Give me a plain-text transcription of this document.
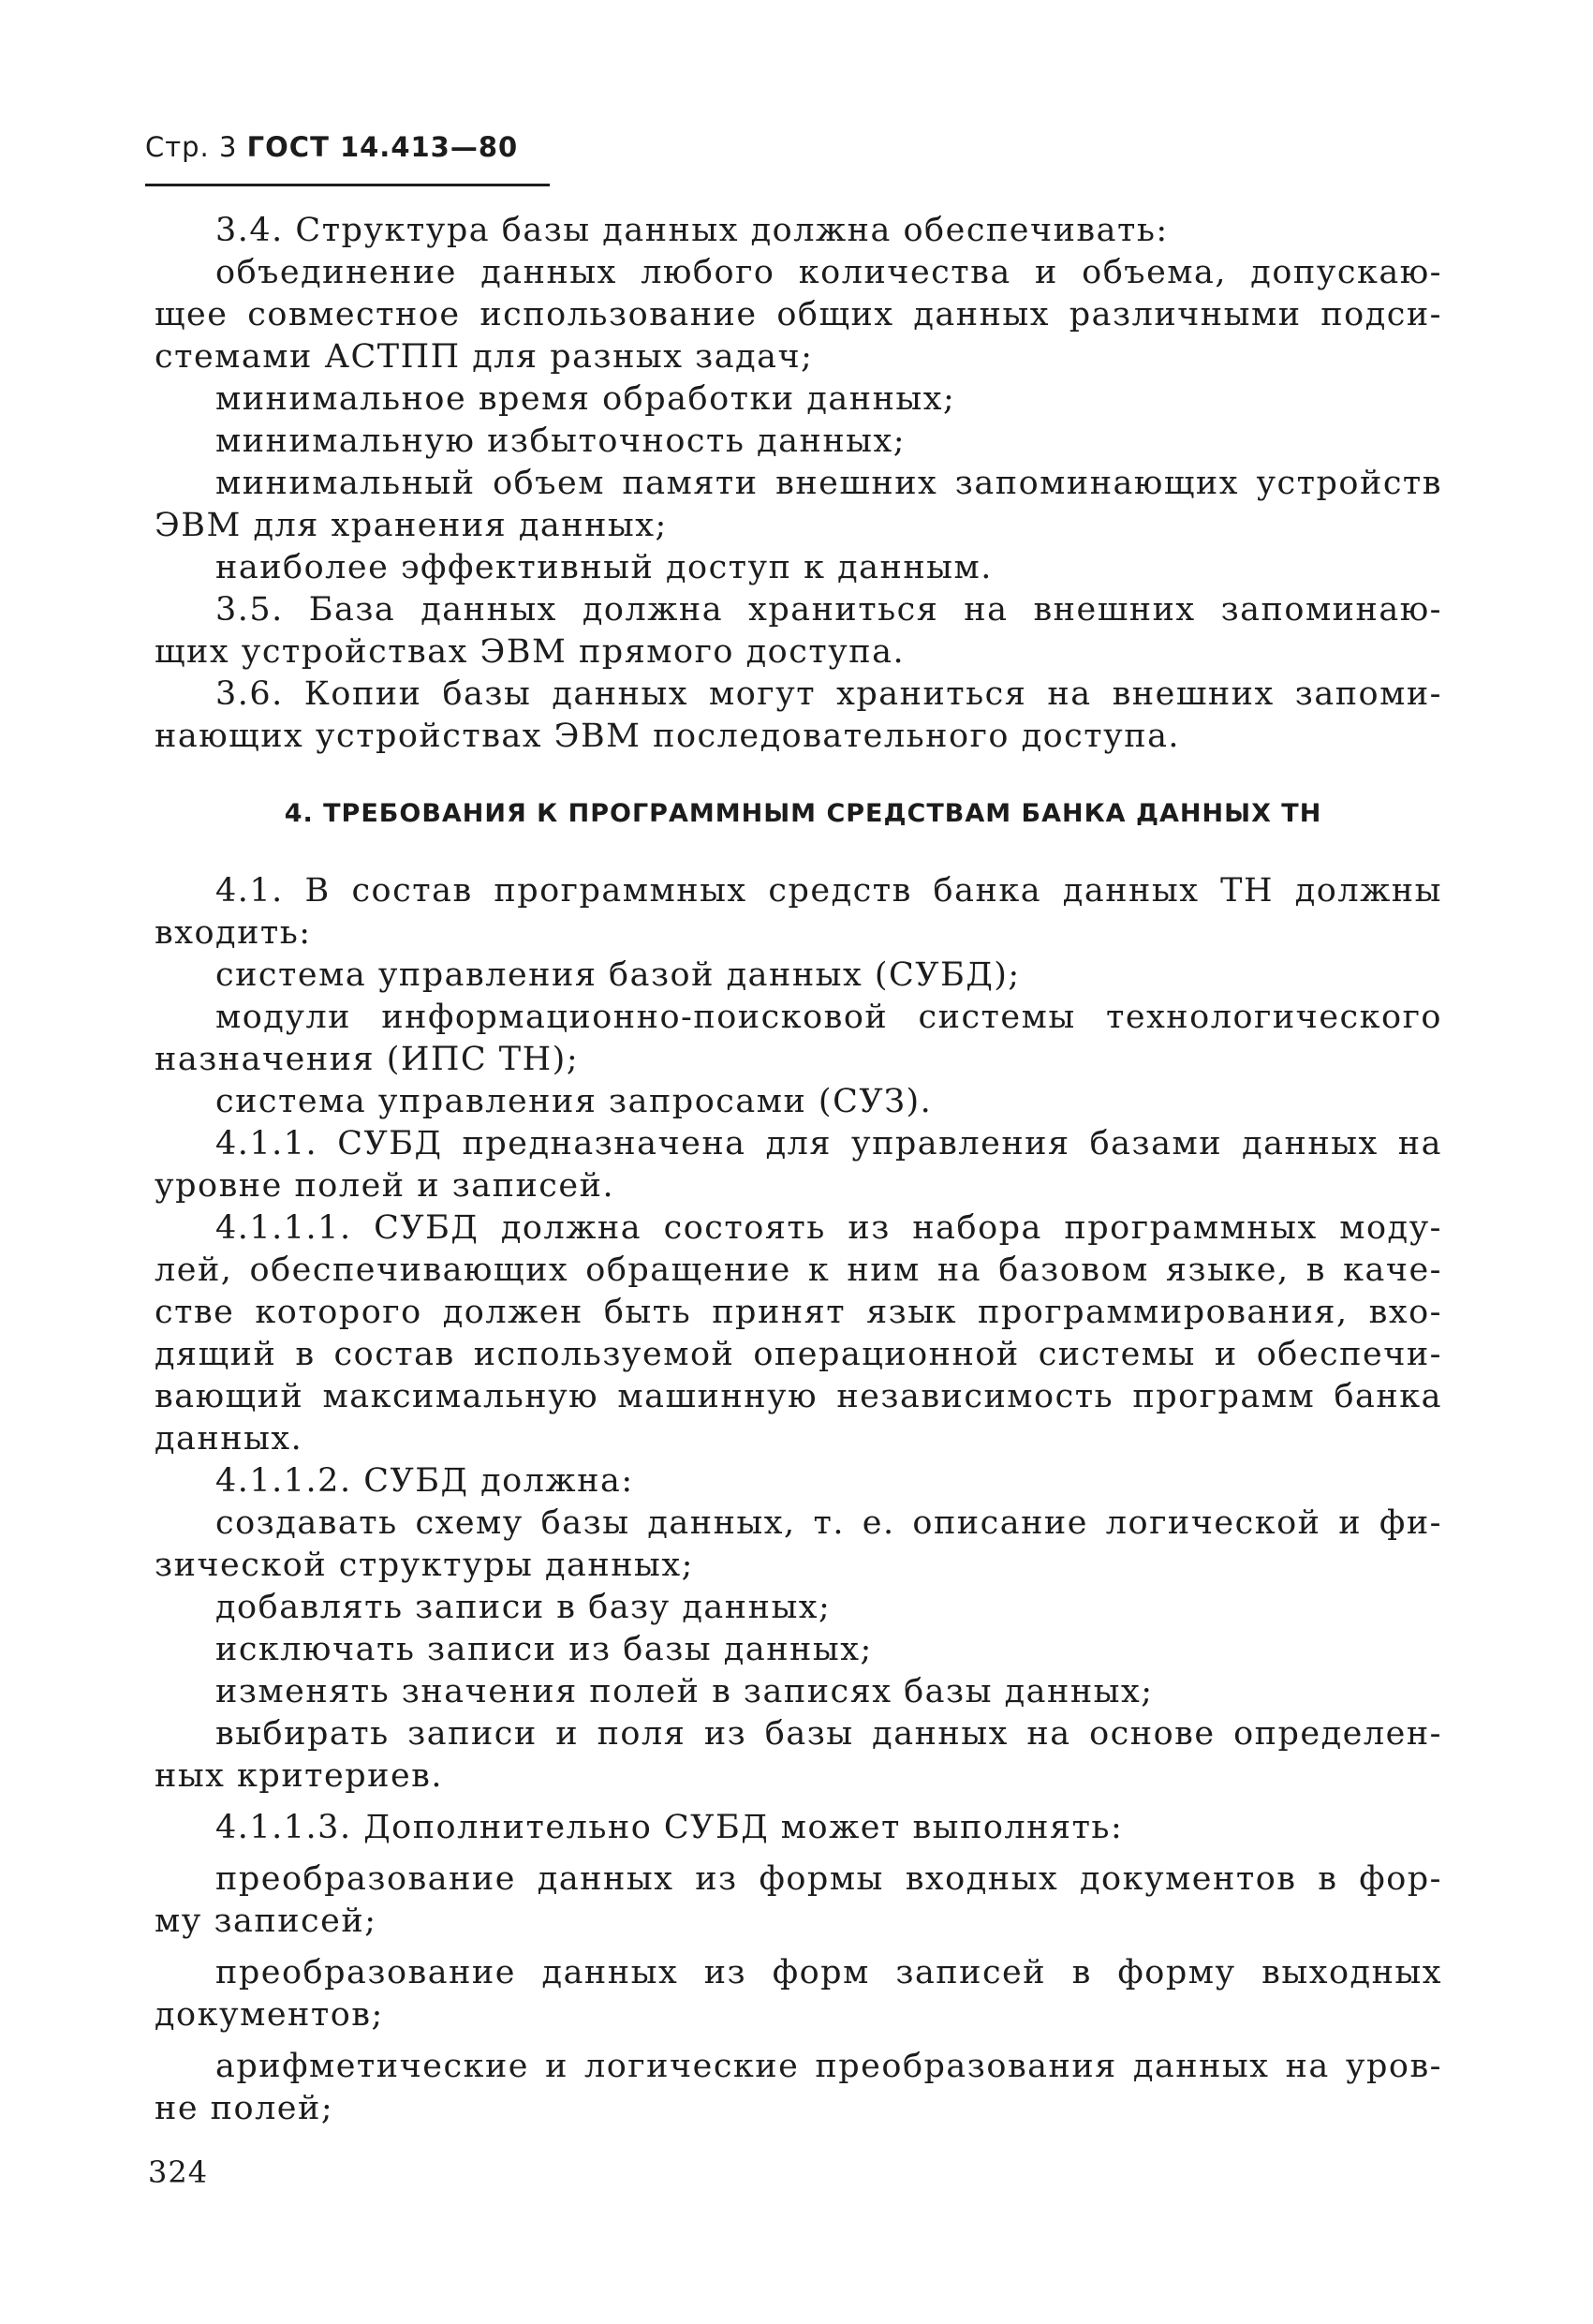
Стр. 3 ГОСТ 14.413—80
3.4. Структура базы данных должна обеспечивать:
объединение данных любого количества и объема, допускаю-
щее совместное использование общих данных различными подси-
стемами АСТПП для разных задач;
минимальное время обработки данных;
минимальную избыточность данных;
минимальный объем памяти внешних запоминающих устройств
ЭВМ для хранения данных;
наиболее эффективный доступ к данным.
3.5. База данных должна храниться на внешних запоминаю-
щих устройствах ЭВМ прямого доступа.
3.6. Копии базы данных могут храниться на внешних запоми-
нающих устройствах ЭВМ последовательного доступа.
4. ТРЕБОВАНИЯ К ПРОГРАММНЫМ СРЕДСТВАМ БАНКА ДАННЫХ ТН
4.1. В состав программных средств банка данных ТН должны
входить:
система управления базой данных (СУБД);
модули информационно-поисковой системы технологического
назначения (ИПС ТН);
система управления запросами (СУЗ).
4.1.1. СУБД предназначена для управления базами данных на
уровне полей и записей.
4.1.1.1. СУБД должна состоять из набора программных моду-
лей, обеспечивающих обращение к ним на базовом языке, в каче-
стве которого должен быть принят язык программирования, вхо-
дящий в состав используемой операционной системы и обеспечи-
вающий максимальную машинную независимость программ банка
данных.
4.1.1.2. СУБД должна:
создавать схему базы данных, т. е. описание логической и фи-
зической структуры данных;
добавлять записи в базу данных;
исключать записи из базы данных;
изменять значения полей в записях базы данных;
выбирать записи и поля из базы данных на основе определен-
ных критериев.
4.1.1.3. Дополнительно СУБД может выполнять:
преобразование данных из формы входных документов в фор-
му записей;
преобразование данных из форм записей в форму выходных
документов;
арифметические и логические преобразования данных на уров-
не полей;
324
